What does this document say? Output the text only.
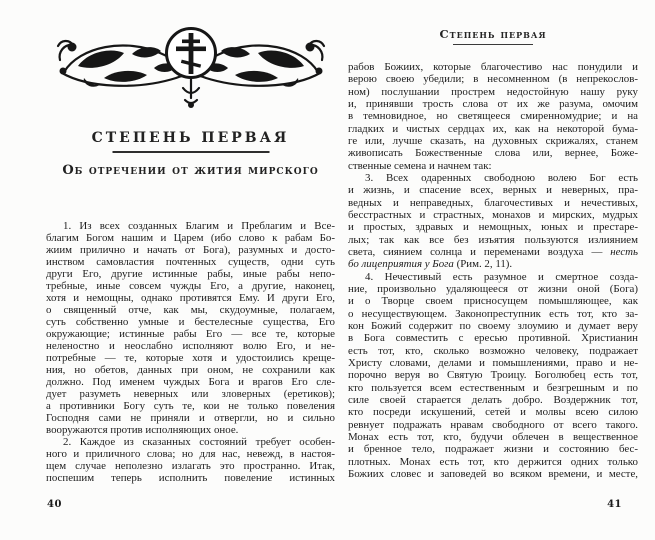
СТЕПЕНЬ ПЕРВАЯ
Об отречении от жития мирского
1. Из всех созданных Благим и Преблагим и Все-
благим Богом нашим и Царем (ибо слово к рабам Бо-
жиим прилично и начать от Бога), разумных и досто-
инством самовластия почтенных существ, одни суть
други Его, другие истинные рабы, иные рабы непо-
требные, иные совсем чужды Его, а другие, наконец,
хотя и немощны, однако противятся Ему. И други Его,
о священный отче, как мы, скудоумные, полагаем,
суть собственно умные и бестелесные существа, Его
окружающие; истинные рабы Его — все те, которые
неленостно и неослабно исполняют волю Его, и не-
потребные — те, которые хотя и удостоились креще-
ния, но обетов, данных при оном, не сохранили как
должно. Под именем чуждых Бога и врагов Его сле-
дует разуметь неверных или зловерных (еретиков);
а противники Богу суть те, кои не только повеления
Господня сами не приняли и отвергли, но и сильно
вооружаются против исполняющих оное.
2. Каждое из сказанных состояний требует особен-
ного и приличного слова; но для нас, невежд, в настоя-
щем случае неполезно излагать это пространно. Итак,
поспешим теперь исполнить повеление истинных
40
Степень первая
рабов Божиих, которые благочестиво нас понудили и
верою своею убедили; в несомненном (в непрекослов-
ном) послушании прострем недостойную нашу руку
и, принявши трость слова от их же разума, омочим
в темновидное, но светящееся смиренномудрие; и на
гладких и чистых сердцах их, как на некоторой бума-
ге или, лучше сказать, на духовных скрижалях, станем
живописать Божественные слова или, вернее, Боже-
ственные семена и начнем так:
3. Всех одаренных свободною волею Бог есть
и жизнь, и спасение всех, верных и неверных, пра-
ведных и неправедных, благочестивых и нечестивых,
бесстрастных и страстных, монахов и мирских, мудрых
и простых, здравых и немощных, юных и престаре-
лых; так как все без изъятия пользуются излиянием
света, сиянием солнца и переменами воздуха — несть
бо лицеприятия у Бога (Рим. 2, 11).
4. Нечестивый есть разумное и смертное созда-
ние, произвольно удаляющееся от жизни оной (Бога)
и о Творце своем присносущем помышляющее, как
о несуществующем. Законопреступник есть тот, кто за-
кон Божий содержит по своему злоумию и думает веру
в Бога совместить с ересью противной. Христианин
есть тот, кто, сколько возможно человеку, подражает
Христу словами, делами и помышлениями, право и не-
порочно веруя во Святую Троицу. Боголюбец есть тот,
кто пользуется всем естественным и безгрешным и по
силе своей старается делать добро. Воздержник тот,
кто посреди искушений, сетей и молвы всею силою
ревнует подражать нравам свободного от всего такого.
Монах есть тот, кто, будучи облечен в вещественное
и бренное тело, подражает жизни и состоянию бес-
плотных. Монах есть тот, кто держится одних только
Божиих словес и заповедей во всяком времени, и месте,
41
